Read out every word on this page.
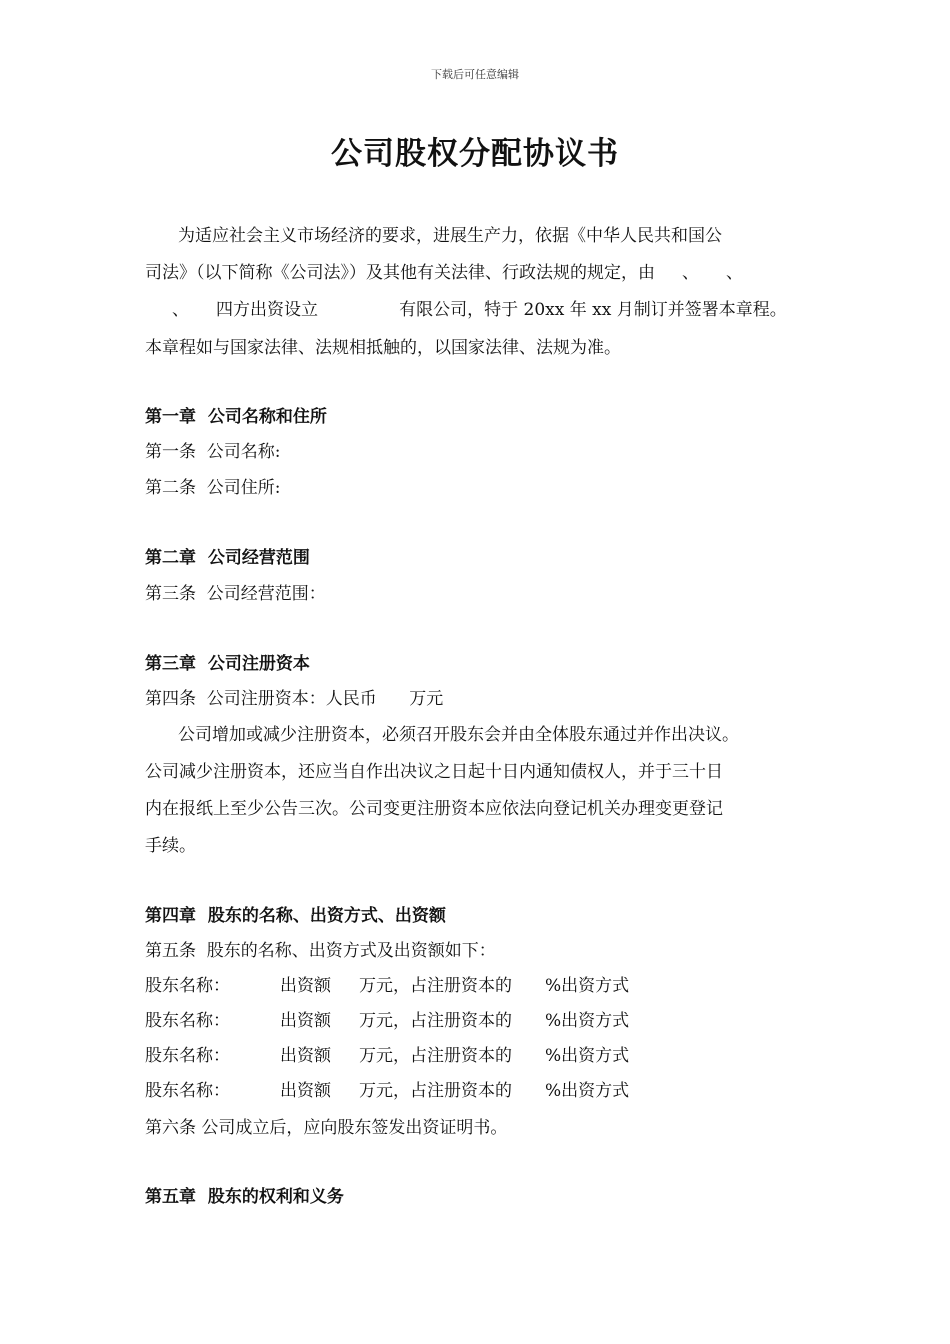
下载后可任意编辑
公司股权分配协议书
为适应社会主义市场经济的要求，进展生产力，依据《中华人民共和国公
司法》（以下简称《公司法》）及其他有关法律、行政法规的规定，由     、     、
、     四方出资设立               有限公司，特于 20xx 年 xx 月制订并签署本章程。
本章程如与国家法律、法规相抵触的，以国家法律、法规为准。
第一章  公司名称和住所
第一条  公司名称:
第二条  公司住所:
第二章  公司经营范围
第三条  公司经营范围：
第三章  公司注册资本
第四条  公司注册资本：人民币      万元
公司增加或减少注册资本，必须召开股东会并由全体股东通过并作出决议。
公司减少注册资本，还应当自作出决议之日起十日内通知债权人，并于三十日
内在报纸上至少公告三次。公司变更注册资本应依法向登记机关办理变更登记
手续。
第四章  股东的名称、出资方式、出资额
第五条  股东的名称、出资方式及出资额如下：
股东名称：	出资额 万元，占注册资本的 %出资方式
股东名称：	出资额 万元，占注册资本的 %出资方式
股东名称：	出资额 万元，占注册资本的 %出资方式
股东名称：	出资额 万元，占注册资本的 %出资方式
第六条 公司成立后，应向股东签发出资证明书。
第五章  股东的权利和义务
